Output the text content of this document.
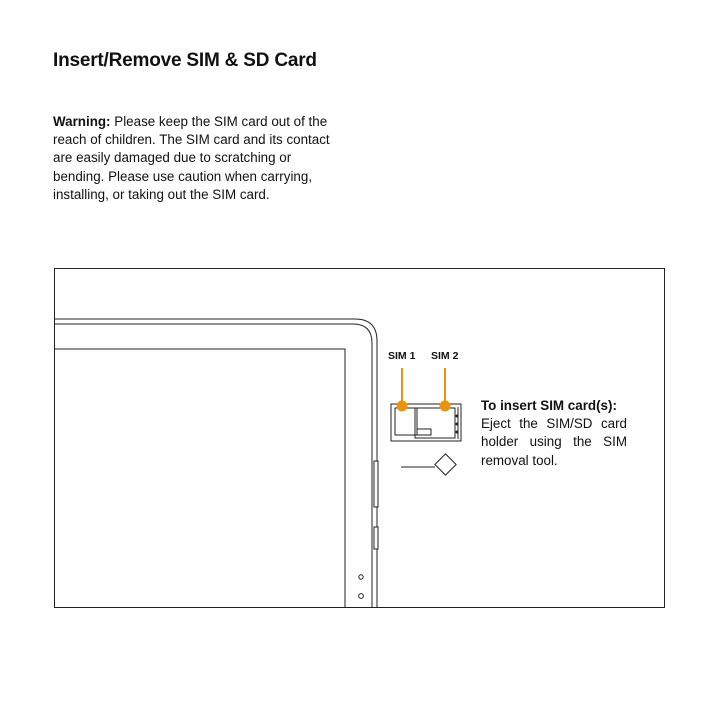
Insert/Remove SIM & SD Card

Warning: Please keep the SIM card out of the reach of children. The SIM card and its contact are easily damaged due to scratching or bending. Please use caution when carrying, installing, or taking out the SIM card.

SIM 1 SIM 2

To insert SIM card(s):
Eject the SIM/SD card holder using the SIM removal tool.
